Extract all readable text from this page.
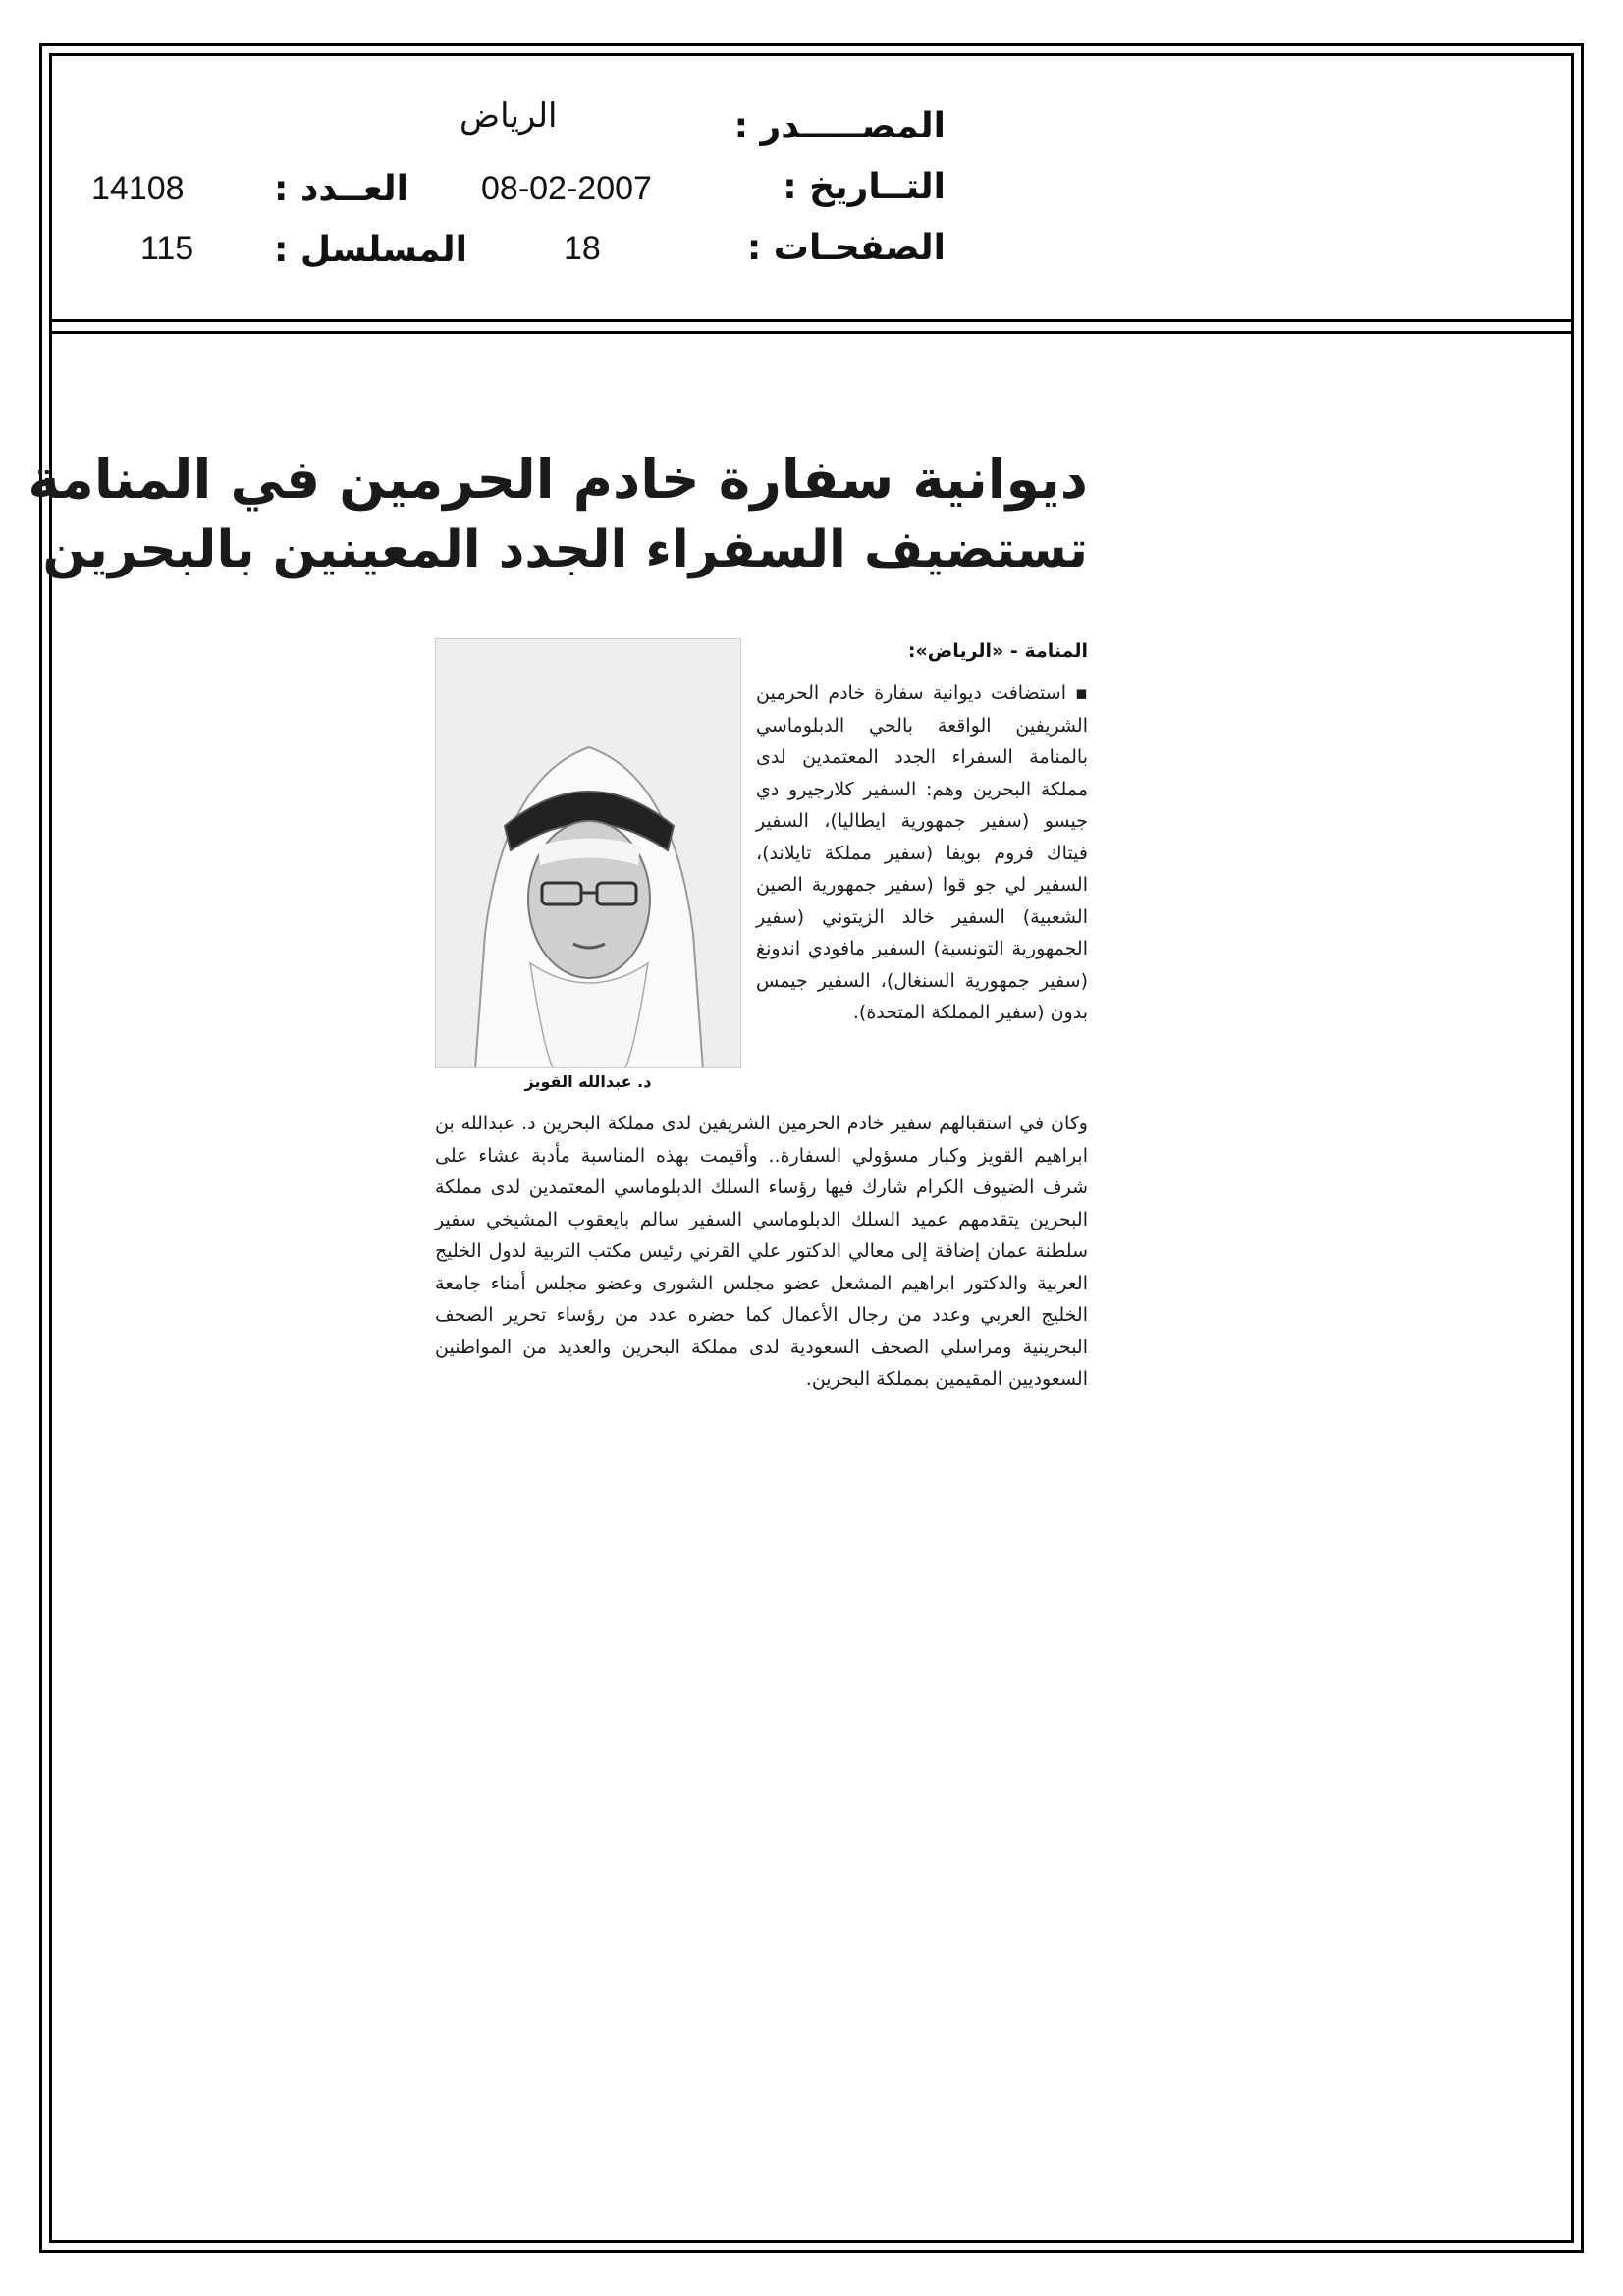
المصـــــدر :
الرياض
التــاريخ :
08-02-2007
الصفحـات :
18
العــدد :
14108
المسلسل :
115
ديوانية سفارة خادم الحرمين في المنامة
تستضيف السفراء الجدد المعينين بالبحرين
د. عبدالله القويز
المنامة - «الرياض»:
▪ استضافت ديوانية سفارة خادم الحرمين الشريفين الواقعة بالحي الدبلوماسي بالمنامة السفراء الجدد المعتمدين لدى مملكة البحرين وهم: السفير كلارجيرو دي جيسو (سفير جمهورية ايطاليا)، السفير فيتاك فروم بويفا (سفير مملكة تايلاند)، السفير لي جو قوا (سفير جمهورية الصين الشعبية) السفير خالد الزيتوني (سفير الجمهورية التونسية) السفير مافودي اندونغ (سفير جمهورية السنغال)، السفير جيمس بدون (سفير المملكة المتحدة).
وكان في استقبالهم سفير خادم الحرمين الشريفين لدى مملكة البحرين د. عبدالله بن ابراهيم القويز وكبار مسؤولي السفارة.. وأقيمت بهذه المناسبة مأدبة عشاء على شرف الضيوف الكرام شارك فيها رؤساء السلك الدبلوماسي المعتمدين لدى مملكة البحرين يتقدمهم عميد السلك الدبلوماسي السفير سالم بايعقوب المشيخي سفير سلطنة عمان إضافة إلى معالي الدكتور علي القرني رئيس مكتب التربية لدول الخليج العربية والدكتور ابراهيم المشعل عضو مجلس الشورى وعضو مجلس أمناء جامعة الخليج العربي وعدد من رجال الأعمال كما حضره عدد من رؤساء تحرير الصحف البحرينية ومراسلي الصحف السعودية لدى مملكة البحرين والعديد من المواطنين السعوديين المقيمين بمملكة البحرين.
